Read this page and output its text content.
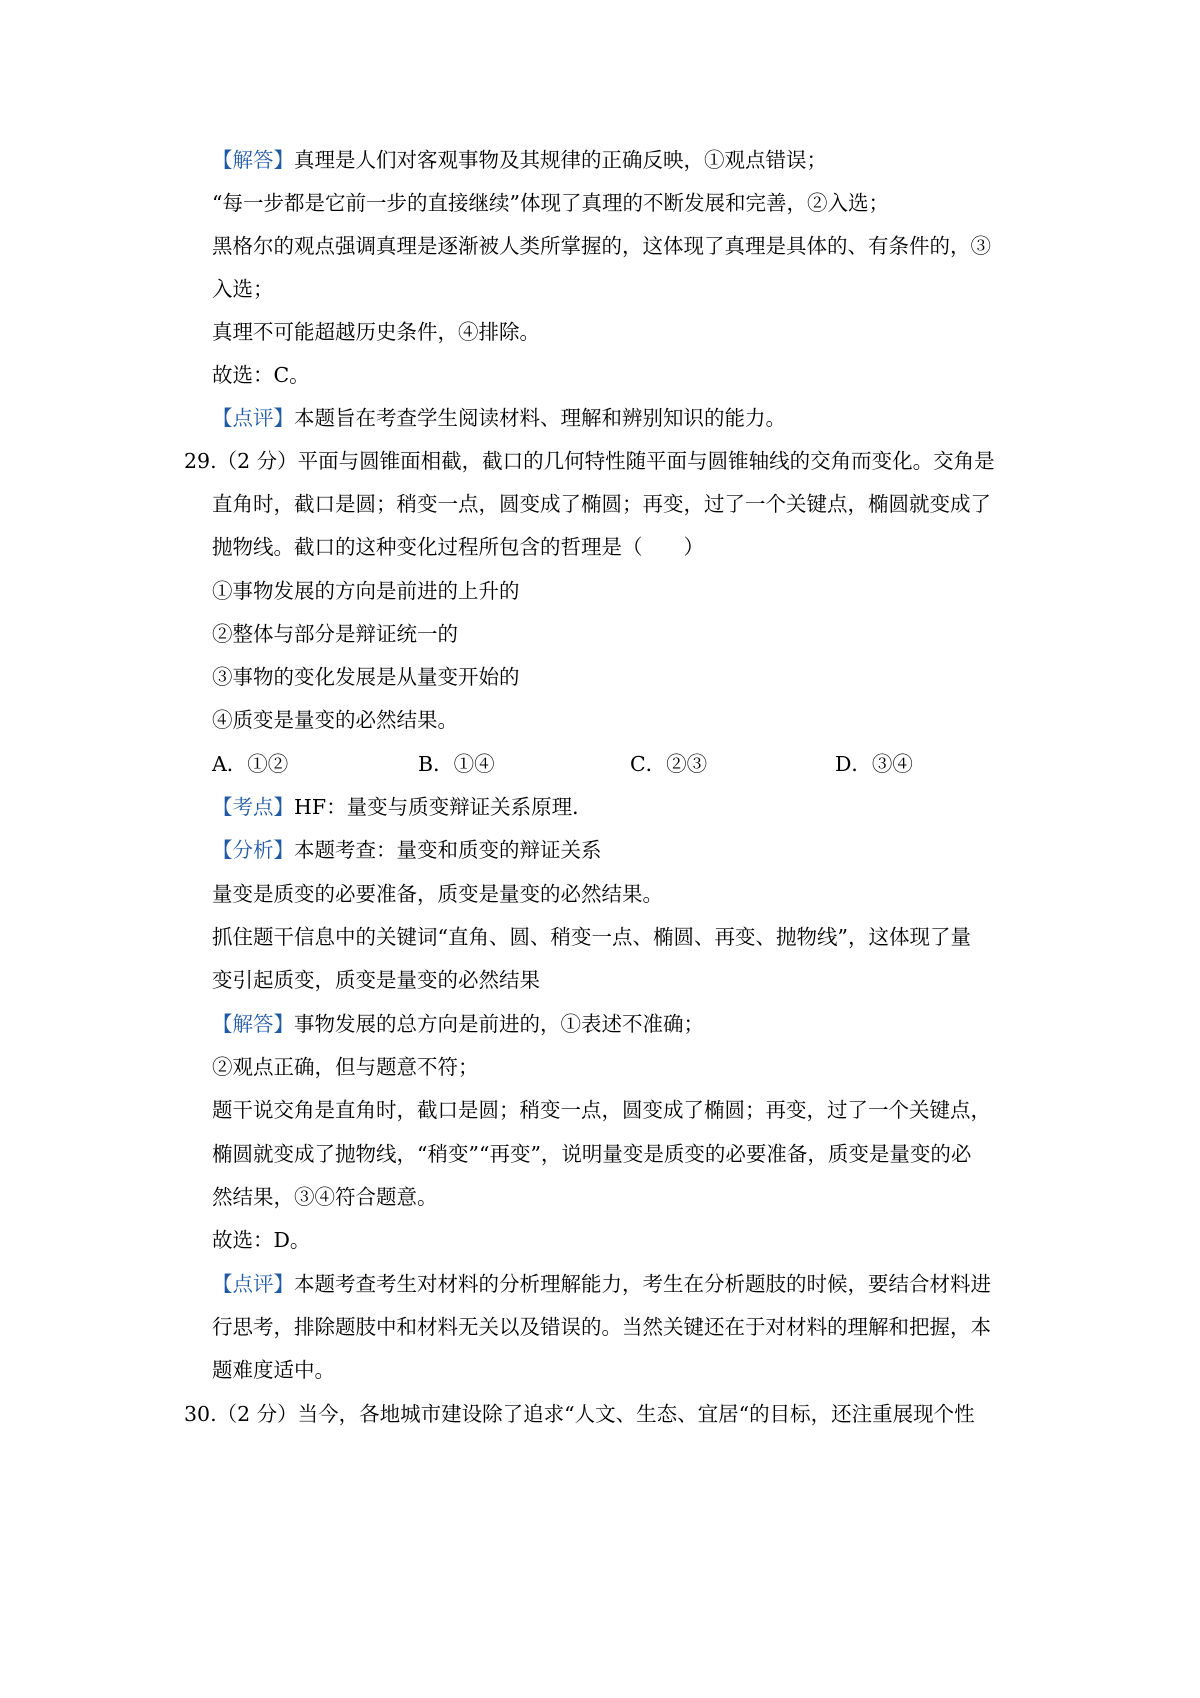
【解答】真理是人们对客观事物及其规律的正确反映，①观点错误；
“每一步都是它前一步的直接继续”体现了真理的不断发展和完善，②入选；
黑格尔的观点强调真理是逐渐被人类所掌握的，这体现了真理是具体的、有条件的，③
入选；
真理不可能超越历史条件，④排除。
故选：C。
【点评】本题旨在考查学生阅读材料、理解和辨别知识的能力。
29.（2 分）平面与圆锥面相截，截口的几何特性随平面与圆锥轴线的交角而变化。交角是
直角时，截口是圆；稍变一点，圆变成了椭圆；再变，过了一个关键点，椭圆就变成了
抛物线。截口的这种变化过程所包含的哲理是（　　）
①事物发展的方向是前进的上升的
②整体与部分是辩证统一的
③事物的变化发展是从量变开始的
④质变是量变的必然结果。
A．①②	B．①④	C．②③	D．③④
【考点】HF：量变与质变辩证关系原理．
【分析】本题考查：量变和质变的辩证关系
量变是质变的必要准备，质变是量变的必然结果。
抓住题干信息中的关键词“直角、圆、稍变一点、椭圆、再变、抛物线”，这体现了量
变引起质变，质变是量变的必然结果
【解答】事物发展的总方向是前进的，①表述不准确；
②观点正确，但与题意不符；
题干说交角是直角时，截口是圆；稍变一点，圆变成了椭圆；再变，过了一个关键点，
椭圆就变成了抛物线，“稍变”“再变”，说明量变是质变的必要准备，质变是量变的必
然结果，③④符合题意。
故选：D。
【点评】本题考查考生对材料的分析理解能力，考生在分析题肢的时候，要结合材料进
行思考，排除题肢中和材料无关以及错误的。当然关键还在于对材料的理解和把握，本
题难度适中。
30.（2 分）当今，各地城市建设除了追求“人文、生态、宜居“的目标，还注重展现个性
